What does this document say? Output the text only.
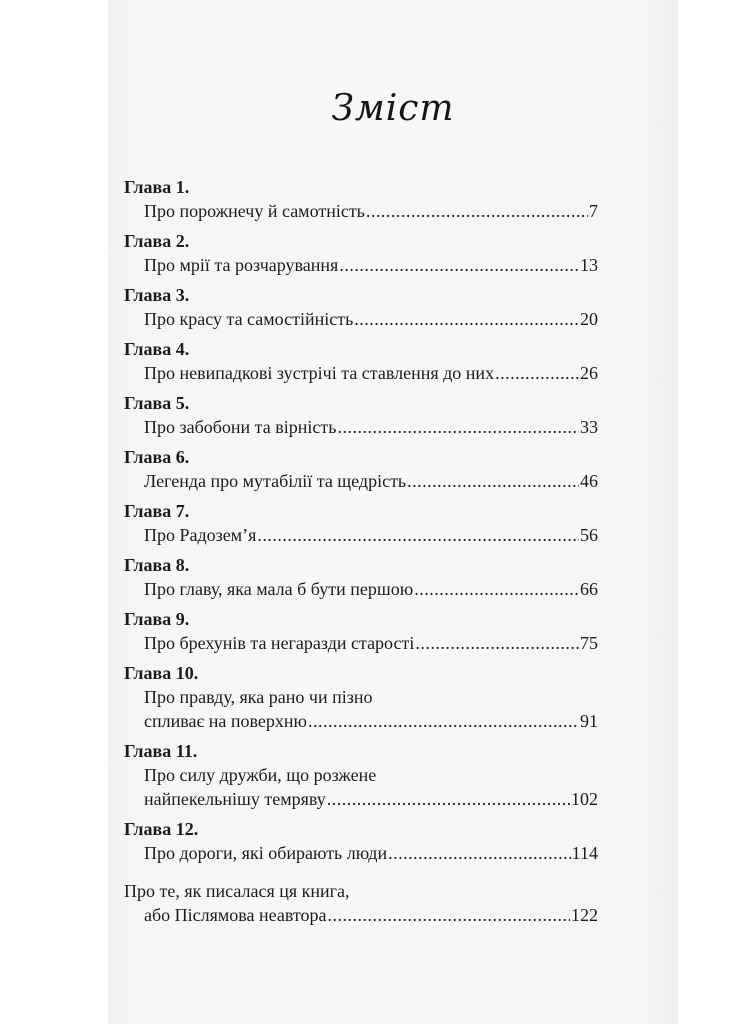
Зміст
Глава 1.
Про порожнечу й самотність .....	7
Глава 2.
Про мрії та розчарування .....	13
Глава 3.
Про красу та самостійність .....	20
Глава 4.
Про невипадкові зустрічі та ставлення до них .....	26
Глава 5.
Про забобони та вірність .....	33
Глава 6.
Легенда про мутабілії та щедрість .....	46
Глава 7.
Про Радозем’я .....	56
Глава 8.
Про главу, яка мала б бути першою .....	66
Глава 9.
Про брехунів та негаразди старості .....	75
Глава 10.
Про правду, яка рано чи пізно
спливає на поверхню .....	91
Глава 11.
Про силу дружби, що розжене
найпекельнішу темряву .....	102
Глава 12.
Про дороги, які обирають люди .....	114
Про те, як писалася ця книга,
або Післямова неавтора .....	122
